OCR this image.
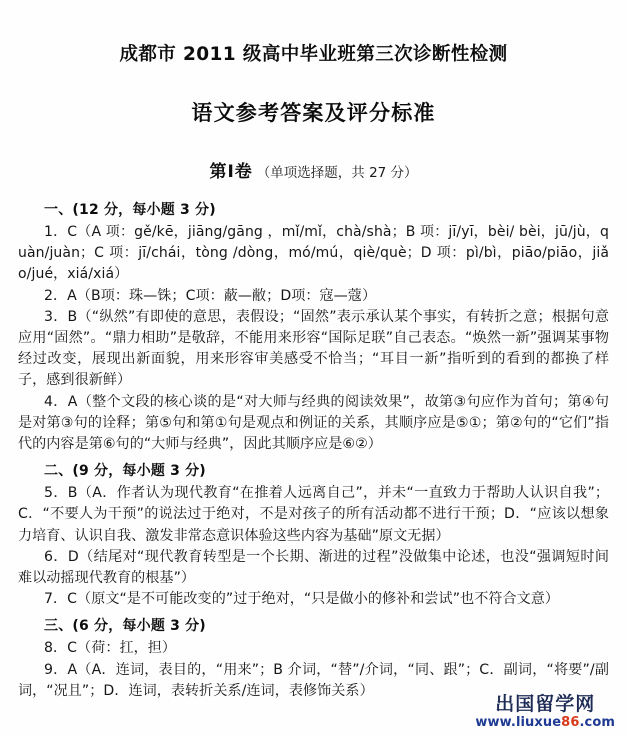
成都市 2011 级高中毕业班第三次诊断性检测
语文参考答案及评分标准
第Ⅰ卷 （单项选择题，共 27 分）

一、(12 分，每小题 3 分)

1．C（A 项：gě/kē，jiāng/gāng ，mǐ/mǐ，chà/shà；B 项：jī/yī，bèi/ bèi，jū/jù，quàn/juàn；C 项：jī/chái，tòng /dòng，mó/mú，qiè/què；D 项：pì/bì，piāo/piāo，jiǎo/jué，xiá/xiá）

2．A（B项：珠—铢；C项：蔽—敝；D项：寇—蔻）

3．B（“纵然”有即使的意思，表假设；“固然”表示承认某个事实，有转折之意；根据句意应用“固然”。“鼎力相助”是敬辞，不能用来形容“国际足联”自己表态。“焕然一新”强调某事物经过改变，展现出新面貌，用来形容审美感受不恰当；“耳目一新”指听到的看到的都换了样子，感到很新鲜）

4．A（整个文段的核心谈的是“对大师与经典的阅读效果”，故第③句应作为首句；第④句是对第③句的诠释；第⑤句和第①句是观点和例证的关系，其顺序应是⑤①；第②句的“它们”指代的内容是第⑥句的“大师与经典”，因此其顺序应是⑥②）

二、(9 分，每小题 3 分)

5．B（A．作者认为现代教育“在推着人远离自己”，并未“一直致力于帮助人认识自我”；C．“不要人为干预”的说法过于绝对，不是对孩子的所有活动都不进行干预；D．“应该以想象力培育、认识自我、激发非常态意识体验这些内容为基础”原文无据）

6．D（结尾对“现代教育转型是一个长期、渐进的过程”没做集中论述，也没“强调短时间难以动摇现代教育的根基”）

7．C（原文“是不可能改变的”过于绝对，“只是做小的修补和尝试”也不符合文意）

三、(6 分，每小题 3 分)

8．C（荷：扛，担）

9．A（A．连词，表目的，“用来”；B 介词，“替”/介词，“同、跟”；C．副词，“将要”/副词，“况且”；D．连词，表转折关系/连词，表修饰关系）

出国留学网
www.liuxue86.com
